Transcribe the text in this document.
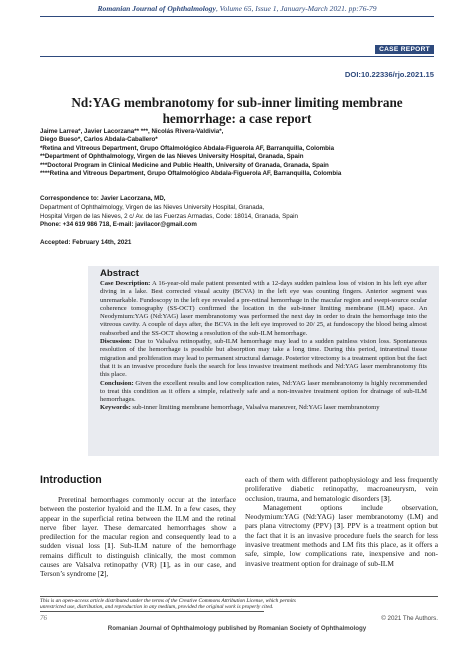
Romanian Journal of Ophthalmology, Volume 65, Issue 1, January-March 2021. pp:76-79
CASE REPORT
DOI:10.22336/rjo.2021.15
Nd:YAG membranotomy for sub-inner limiting membrane
hemorrhage: a case report
Jaime Larrea*, Javier Lacorzana** ***, Nicolás Rivera-Valdivia*,
Diego Bueso*, Carlos Abdala-Caballero*
*Retina and Vitreous Department, Grupo Oftalmológico Abdala-Figuerola AF, Barranquilla, Colombia
**Department of Ophthalmology, Virgen de las Nieves University Hospital, Granada, Spain
***Doctoral Program in Clinical Medicine and Public Health, University of Granada, Granada, Spain
****Retina and Vitreous Department, Grupo Oftalmológico Abdala-Figuerola AF, Barranquilla, Colombia
Correspondence to: Javier Lacorzana, MD,
Department of Ophthalmology, Virgen de las Nieves University Hospital, Granada,
Hospital Virgen de las Nieves, 2 c/ Av. de las Fuerzas Armadas, Code: 18014, Granada, Spain
Phone: +34 619 986 718, E-mail: javilacor@gmail.com
Accepted: February 14th, 2021
Abstract

Case Description: A 16-year-old male patient presented with a 12-days sudden painless loss of vision in his left eye after diving in a lake. Best corrected visual acuity (BCVA) in the left eye was counting fingers. Anterior segment was unremarkable. Fundoscopy in the left eye revealed a pre-retinal hemorrhage in the macular region and swept-source ocular coherence tomography (SS-OCT) confirmed the location in the sub-inner limiting membrane (ILM) space. An Neodymium:YAG (Nd:YAG) laser membranotomy was performed the next day in order to drain the hemorrhage into the vitreous cavity. A couple of days after, the BCVA in the left eye improved to 20/ 25, at fundoscopy the blood being almost reabsorbed and the SS-OCT showing a resolution of the sub-ILM hemorrhage.

Discussion: Due to Valsalva retinopathy, sub-ILM hemorrhage may lead to a sudden painless vision loss. Spontaneous resolution of the hemorrhage is possible but absorption may take a long time. During this period, intraretinal tissue migration and proliferation may lead to permanent structural damage. Posterior vitrectomy is a treatment option but the fact that it is an invasive procedure fuels the search for less invasive treatment methods and Nd:YAG laser membranotomy fits this place.

Conclusion: Given the excellent results and low complication rates, Nd:YAG laser membranotomy is highly recommended to treat this condition as it offers a simple, relatively safe and a non-invasive treatment option for drainage of sub-ILM hemorrhages.

Keywords: sub-inner limiting membrane hemorrhage, Valsalva maneuver, Nd:YAG laser membranotomy

Introduction

Preretinal hemorrhages commonly occur at the interface between the posterior hyaloid and the ILM. In a few cases, they appear in the superficial retina between the ILM and the retinal nerve fiber layer. These demarcated hemorrhages show a predilection for the macular region and consequently lead to a sudden visual loss [1]. Sub-ILM nature of the hemorrhage remains difficult to distinguish clinically, the most common causes are Valsalva retinopathy (VR) [1], as in our case, and Terson’s syndrome [2],

each of them with different pathophysiology and less frequently proliferative diabetic retinopathy, macroaneurysm, vein occlusion, trauma, and hematologic disorders [3].

Management options include observation, Neodymium:YAG (Nd:YAG) laser membranotomy (LM) and pars plana vitrectomy (PPV) [3]. PPV is a treatment option but the fact that it is an invasive procedure fuels the search for less invasive treatment methods and LM fits this place, as it offers a safe, simple, low complications rate, inexpensive and non-invasive treatment option for drainage of sub-ILM

This is an open-access article distributed under the terms of the Creative Commons Attribution License, which permits
unrestricted use, distribution, and reproduction in any medium, provided the original work is properly cited.
76	© 2021 The Authors.
Romanian Journal of Ophthalmology published by Romanian Society of Ophthalmology
